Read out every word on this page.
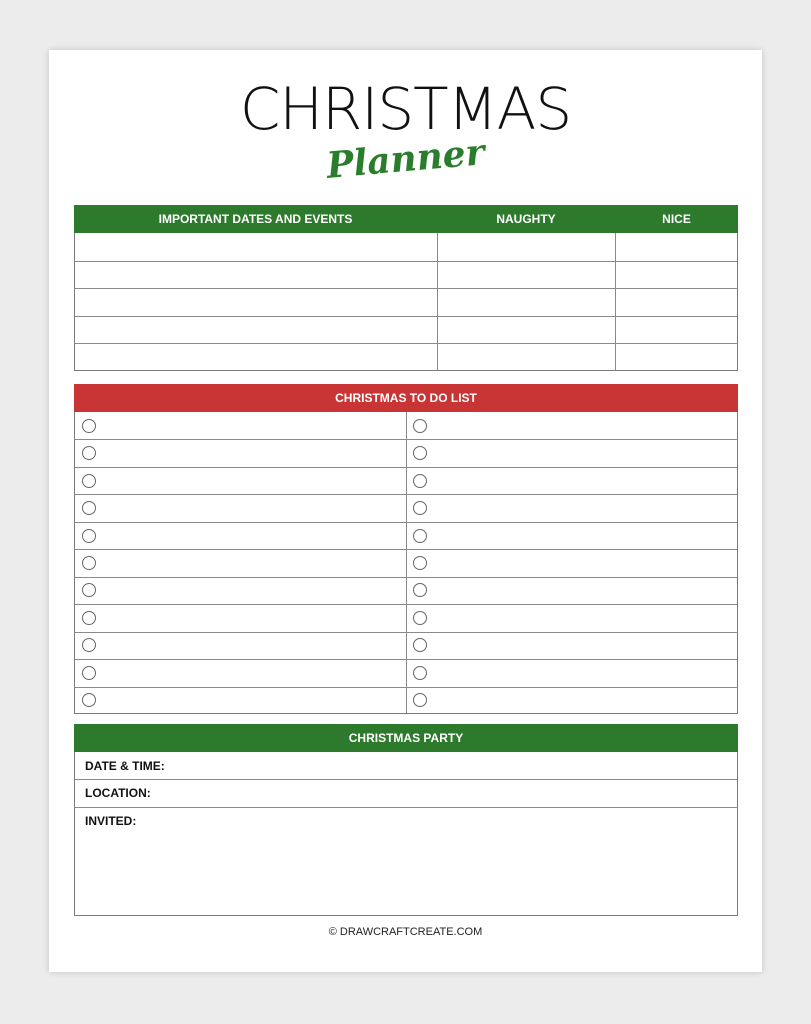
CHRISTMAS
Planner
IMPORTANT DATES AND EVENTS	NAUGHTY	NICE
CHRISTMAS TO DO LIST
CHRISTMAS PARTY
DATE & TIME:
LOCATION:
INVITED:
© DRAWCRAFTCREATE.COM
